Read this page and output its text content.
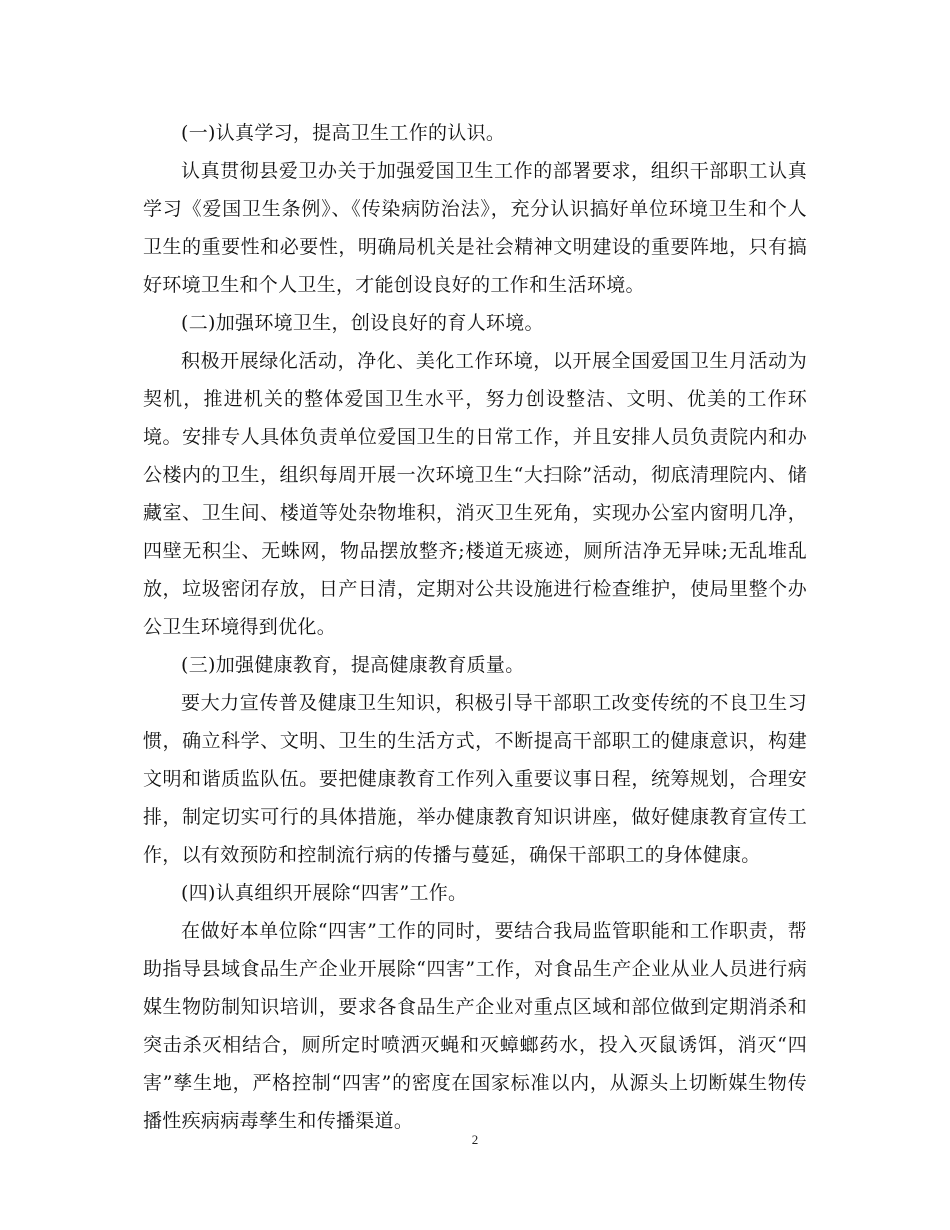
(一)认真学习，提高卫生工作的认识。

认真贯彻县爱卫办关于加强爱国卫生工作的部署要求，组织干部职工认真学习《爱国卫生条例》、《传染病防治法》，充分认识搞好单位环境卫生和个人卫生的重要性和必要性，明确局机关是社会精神文明建设的重要阵地，只有搞好环境卫生和个人卫生，才能创设良好的工作和生活环境。

(二)加强环境卫生，创设良好的育人环境。

积极开展绿化活动，净化、美化工作环境，以开展全国爱国卫生月活动为契机，推进机关的整体爱国卫生水平，努力创设整洁、文明、优美的工作环境。安排专人具体负责单位爱国卫生的日常工作，并且安排人员负责院内和办公楼内的卫生，组织每周开展一次环境卫生“大扫除”活动，彻底清理院内、储藏室、卫生间、楼道等处杂物堆积，消灭卫生死角，实现办公室内窗明几净，四壁无积尘、无蛛网，物品摆放整齐;楼道无痰迹，厕所洁净无异味;无乱堆乱放，垃圾密闭存放，日产日清，定期对公共设施进行检查维护，使局里整个办公卫生环境得到优化。

(三)加强健康教育，提高健康教育质量。

要大力宣传普及健康卫生知识，积极引导干部职工改变传统的不良卫生习惯，确立科学、文明、卫生的生活方式，不断提高干部职工的健康意识，构建文明和谐质监队伍。要把健康教育工作列入重要议事日程，统筹规划，合理安排，制定切实可行的具体措施，举办健康教育知识讲座，做好健康教育宣传工作，以有效预防和控制流行病的传播与蔓延，确保干部职工的身体健康。

(四)认真组织开展除“四害”工作。

在做好本单位除“四害”工作的同时，要结合我局监管职能和工作职责，帮助指导县域食品生产企业开展除“四害”工作，对食品生产企业从业人员进行病媒生物防制知识培训，要求各食品生产企业对重点区域和部位做到定期消杀和突击杀灭相结合，厕所定时喷洒灭蝇和灭蟑螂药水，投入灭鼠诱饵，消灭“四害”孳生地，严格控制“四害”的密度在国家标准以内，从源头上切断媒生物传播性疾病病毒孳生和传播渠道。

2
